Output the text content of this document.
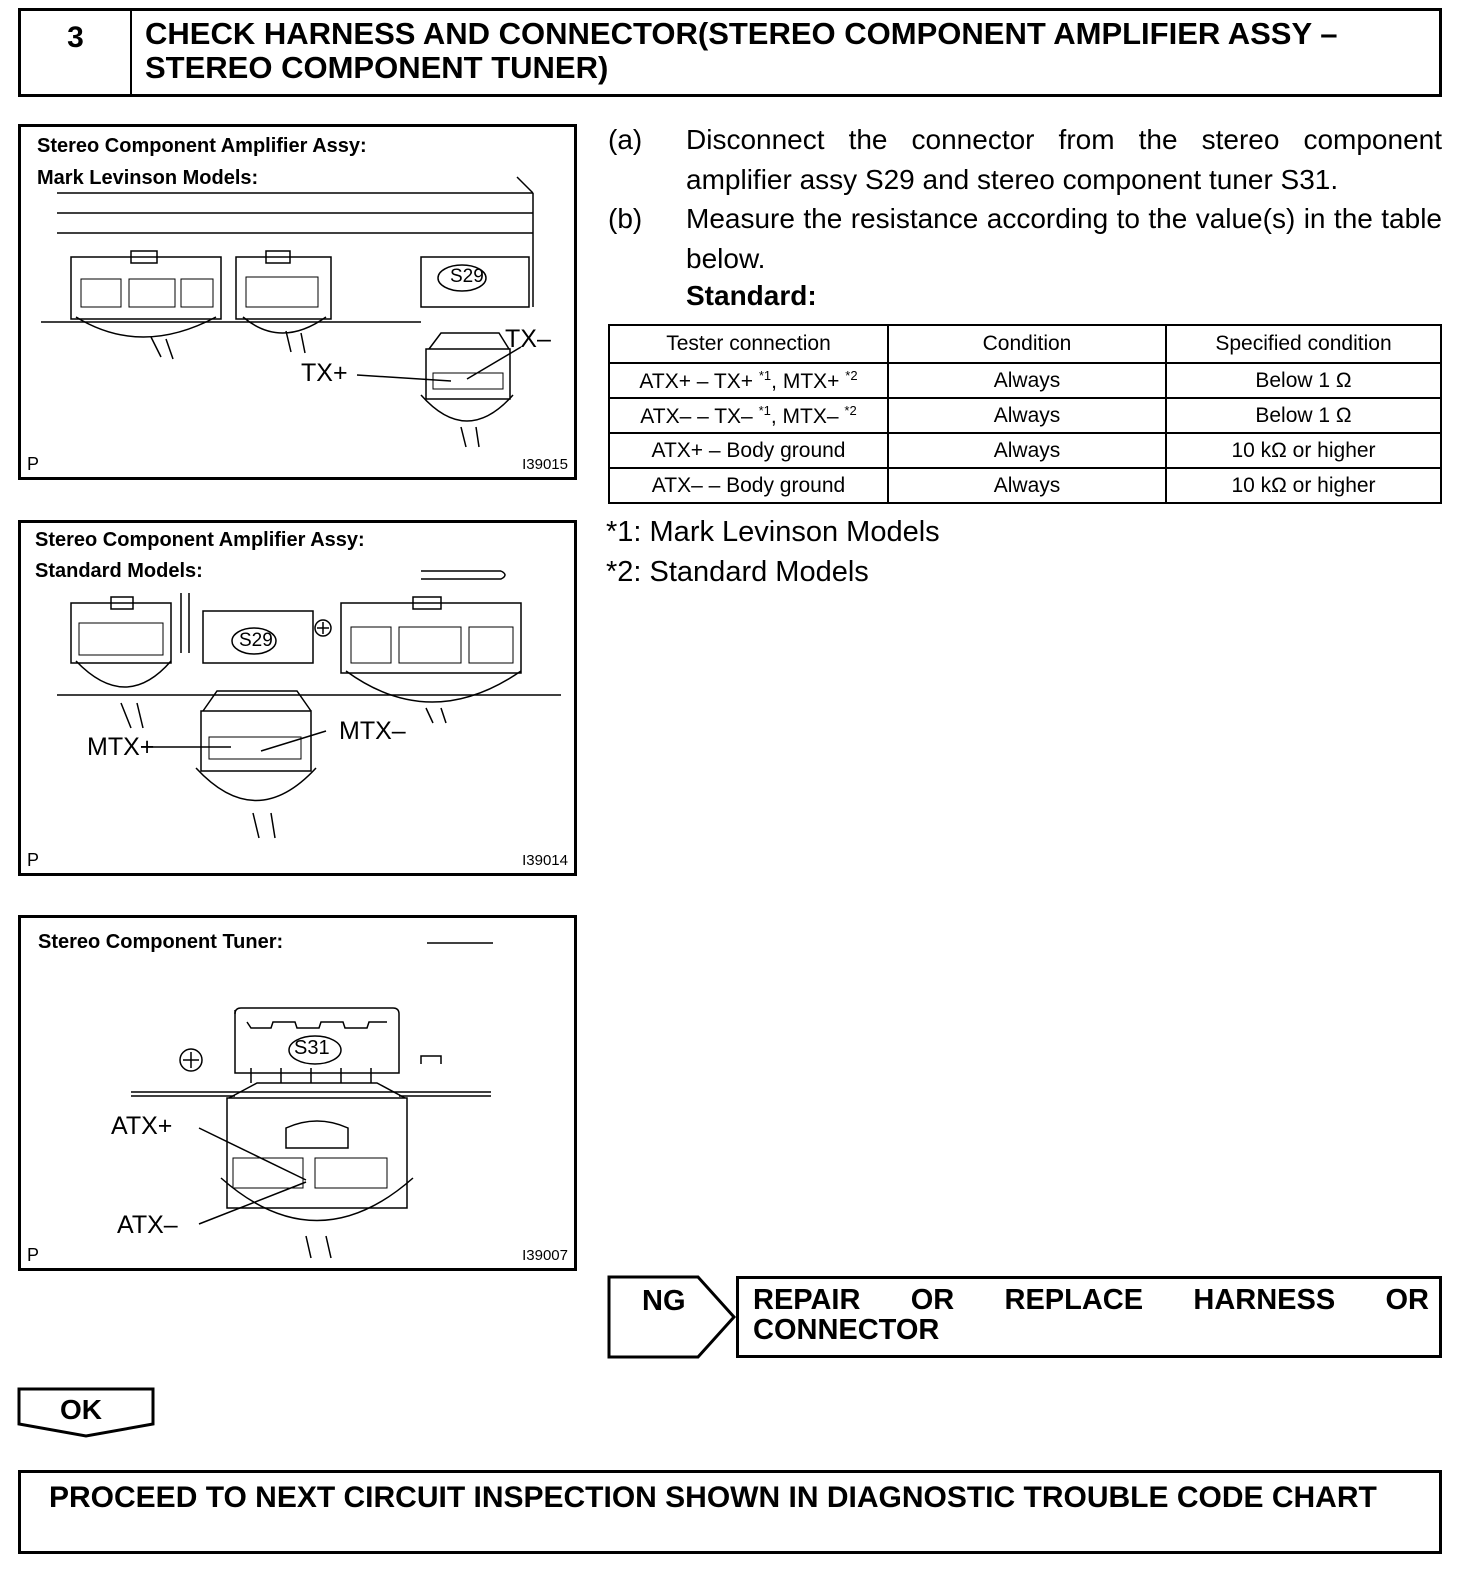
3	CHECK HARNESS AND CONNECTOR(STEREO COMPONENT AMPLIFIER ASSY – STEREO COMPONENT TUNER)
Stereo Component Amplifier Assy:
Mark Levinson Models:
S29
TX+
TX–
P	I39015
Stereo Component Amplifier Assy:
Standard Models:
S29
MTX+
MTX–
P	I39014
Stereo Component Tuner:
S31
ATX+
ATX–
P	I39007
(a) Disconnect the connector from the stereo component amplifier assy S29 and stereo component tuner S31.
(b) Measure the resistance according to the value(s) in the table below.
Standard:
Tester connection	Condition	Specified condition
ATX+ – TX+ $^{*1}$, MTX+ $^{*2}$	Always	Below 1 Ω
ATX– – TX– $^{*1}$, MTX– $^{*2}$	Always	Below 1 Ω
ATX+ – Body ground	Always	10 kΩ or higher
ATX– – Body ground	Always	10 kΩ or higher
*1: Mark Levinson Models
*2: Standard Models
NG REPAIR OR REPLACE HARNESS OR
CONNECTOR
OK
PROCEED TO NEXT CIRCUIT INSPECTION SHOWN IN DIAGNOSTIC TROUBLE CODE CHART
